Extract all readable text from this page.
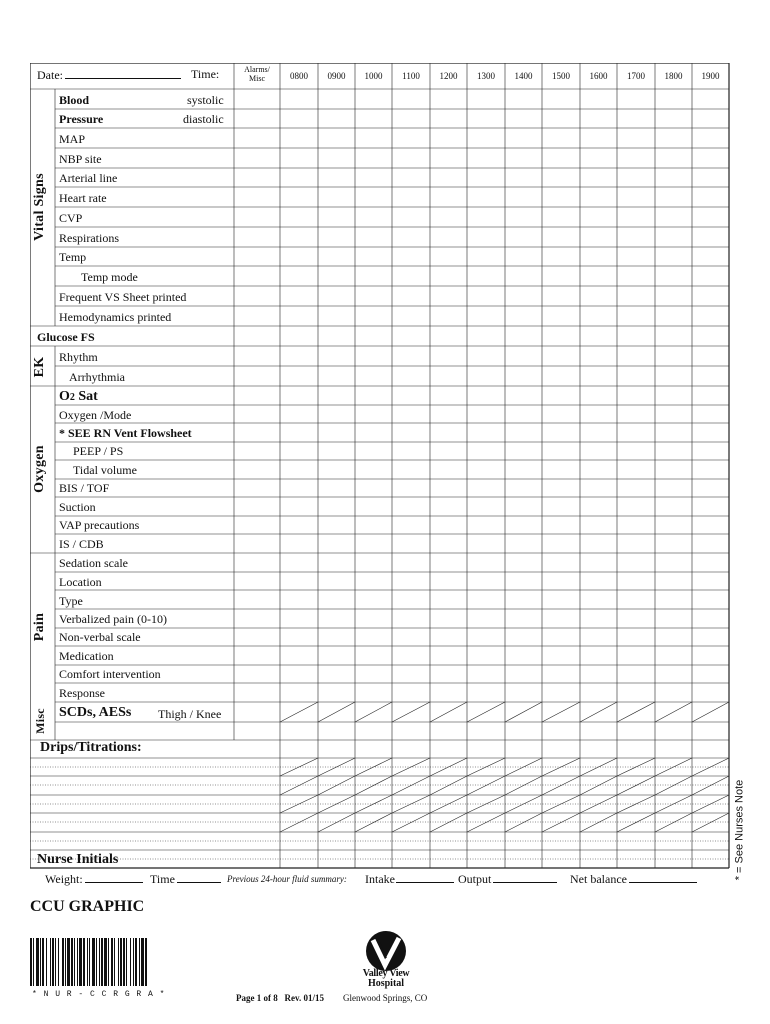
Date:	Time:	Alarms/
Misc	0800	0900	1000	1100	1200	1300	1400	1500	1600	1700	1800	1900
Vital Signs
EK
Oxygen
Pain
Misc
Blood	systolic
Pressure	diastolic
MAP
NBP site
Arterial line
Heart rate
CVP
Respirations
Temp
Temp mode
Frequent VS Sheet printed
Hemodynamics printed
Glucose FS
Rhythm
Arrhythmia
O2 Sat
Oxygen /Mode
* SEE RN Vent Flowsheet
PEEP / PS
Tidal volume
BIS / TOF
Suction
VAP precautions
IS / CDB
Sedation scale
Location
Type
Verbalized pain (0-10)
Non-verbal scale
Medication
Comfort intervention
Response
SCDs, AESs Thigh / Knee
Drips/Titrations:
Nurse Initials	* = See Nurses Note
Weight:	Time	Previous 24-hour fluid summary: Intake	Output	Net balance
CCU GRAPHIC
* N U R - C C R G R A *
Valley View
Hospital
Page 1 of 8   Rev. 01/15 Glenwood Springs, CO
